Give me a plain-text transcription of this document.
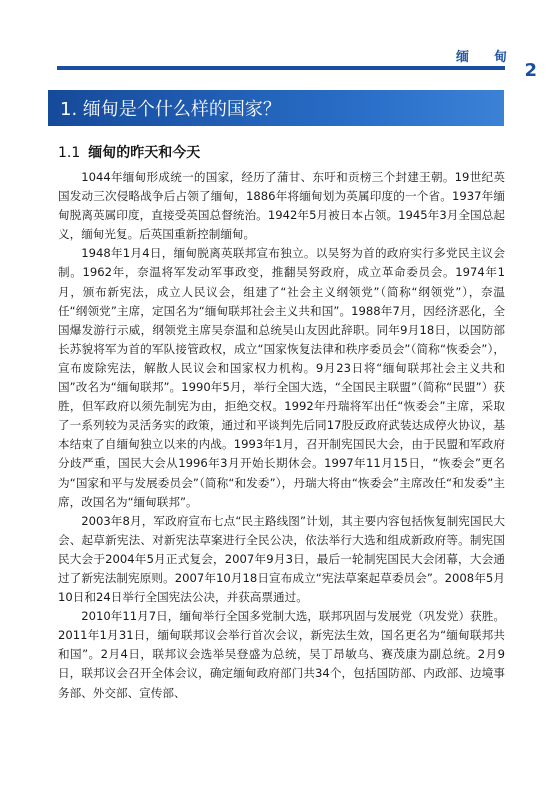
缅　甸
2
1. 缅甸是个什么样的国家？
1.1 缅甸的昨天和今天

1044年缅甸形成统一的国家，经历了蒲甘、东吁和贡榜三个封建王朝。19世纪英国发动三次侵略战争后占领了缅甸，1886年将缅甸划为英属印度的一个省。1937年缅甸脱离英属印度，直接受英国总督统治。1942年5月被日本占领。1945年3月全国总起义，缅甸光复。后英国重新控制缅甸。

1948年1月4日，缅甸脱离英联邦宣布独立。以吴努为首的政府实行多党民主议会制。1962年，奈温将军发动军事政变，推翻吴努政府，成立革命委员会。1974年1月，颁布新宪法，成立人民议会，组建了“社会主义纲领党”（简称“纲领党”），奈温任“纲领党”主席，定国名为“缅甸联邦社会主义共和国”。1988年7月，因经济恶化，全国爆发游行示威，纲领党主席吴奈温和总统吴山友因此辞职。同年9月18日，以国防部长苏貌将军为首的军队接管政权，成立“国家恢复法律和秩序委员会”（简称“恢委会”），宣布废除宪法，解散人民议会和国家权力机构。9月23日将“缅甸联邦社会主义共和国”改名为“缅甸联邦”。1990年5月，举行全国大选，“全国民主联盟”（简称“民盟”）获胜，但军政府以须先制宪为由，拒绝交权。1992年丹瑞将军出任“恢委会”主席，采取了一系列较为灵活务实的政策，通过和平谈判先后同17股反政府武装达成停火协议，基本结束了自缅甸独立以来的内战。1993年1月，召开制宪国民大会，由于民盟和军政府分歧严重，国民大会从1996年3月开始长期休会。1997年11月15日，“恢委会”更名为“国家和平与发展委员会”（简称“和发委”），丹瑞大将由“恢委会”主席改任“和发委”主席，改国名为“缅甸联邦”。

2003年8月，军政府宣布七点“民主路线图”计划，其主要内容包括恢复制宪国民大会、起草新宪法、对新宪法草案进行全民公决，依法举行大选和组成新政府等。制宪国民大会于2004年5月正式复会，2007年9月3日，最后一轮制宪国民大会闭幕，大会通过了新宪法制宪原则。2007年10月18日宣布成立“宪法草案起草委员会”。2008年5月10日和24日举行全国宪法公决，并获高票通过。

2010年11月7日，缅甸举行全国多党制大选，联邦巩固与发展党（巩发党）获胜。2011年1月31日，缅甸联邦议会举行首次会议，新宪法生效，国名更名为“缅甸联邦共和国”。2月4日，联邦议会选举吴登盛为总统，吴丁昂敏乌、赛茂康为副总统。2月9日，联邦议会召开全体会议，确定缅甸政府部门共34个，包括国防部、内政部、边境事务部、外交部、宣传部、
